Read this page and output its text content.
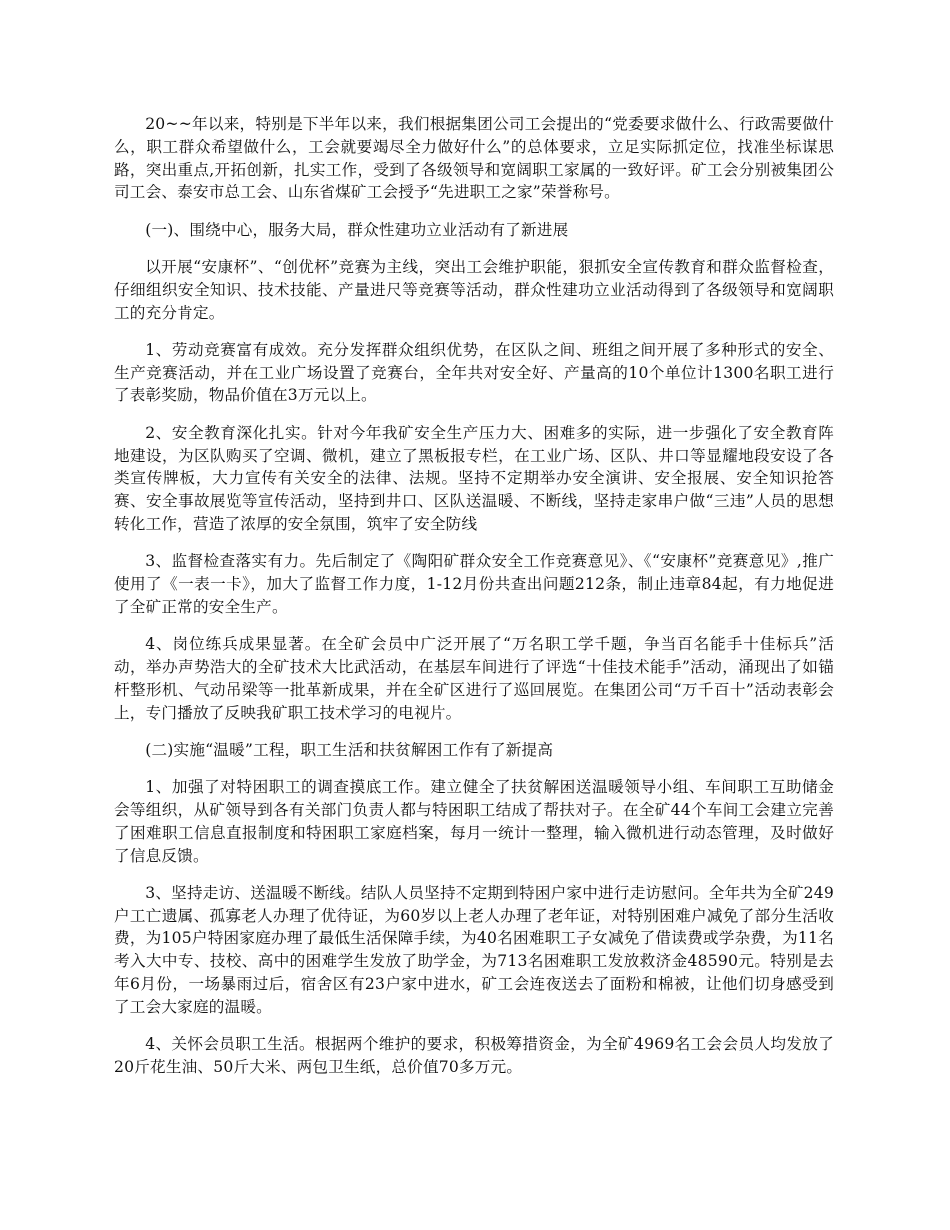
20~~年以来，特别是下半年以来，我们根据集团公司工会提出的“党委要求做什么、行政需要做什么，职工群众希望做什么，工会就要竭尽全力做好什么”的总体要求，立足实际抓定位，找准坐标谋思路，突出重点,开拓创新，扎实工作，受到了各级领导和宽阔职工家属的一致好评。矿工会分别被集团公司工会、泰安市总工会、山东省煤矿工会授予“先进职工之家”荣誉称号。

(一)、围绕中心，服务大局，群众性建功立业活动有了新进展

以开展“安康杯”、“创优杯”竞赛为主线，突出工会维护职能，狠抓安全宣传教育和群众监督检查，仔细组织安全知识、技术技能、产量进尺等竞赛等活动，群众性建功立业活动得到了各级领导和宽阔职工的充分肯定。

1、劳动竞赛富有成效。充分发挥群众组织优势，在区队之间、班组之间开展了多种形式的安全、生产竞赛活动，并在工业广场设置了竞赛台，全年共对安全好、产量高的10个单位计1300名职工进行了表彰奖励，物品价值在3万元以上。

2、安全教育深化扎实。针对今年我矿安全生产压力大、困难多的实际，进一步强化了安全教育阵地建设，为区队购买了空调、微机，建立了黑板报专栏，在工业广场、区队、井口等显耀地段安设了各类宣传牌板，大力宣传有关安全的法律、法规。坚持不定期举办安全演讲、安全报展、安全知识抢答赛、安全事故展览等宣传活动，坚持到井口、区队送温暖、不断线，坚持走家串户做“三违”人员的思想转化工作，营造了浓厚的安全氛围，筑牢了安全防线

3、监督检查落实有力。先后制定了《陶阳矿群众安全工作竞赛意见》、《“安康杯”竞赛意见》,推广使用了《一表一卡》，加大了监督工作力度，1-12月份共查出问题212条，制止违章84起，有力地促进了全矿正常的安全生产。

4、岗位练兵成果显著。在全矿会员中广泛开展了“万名职工学千题，争当百名能手十佳标兵”活动，举办声势浩大的全矿技术大比武活动，在基层车间进行了评选“十佳技术能手”活动，涌现出了如锚杆整形机、气动吊梁等一批革新成果，并在全矿区进行了巡回展览。在集团公司“万千百十”活动表彰会上，专门播放了反映我矿职工技术学习的电视片。

(二)实施“温暖”工程，职工生活和扶贫解困工作有了新提高

1、加强了对特困职工的调查摸底工作。建立健全了扶贫解困送温暖领导小组、车间职工互助储金会等组织，从矿领导到各有关部门负责人都与特困职工结成了帮扶对子。在全矿44个车间工会建立完善了困难职工信息直报制度和特困职工家庭档案，每月一统计一整理，输入微机进行动态管理，及时做好了信息反馈。

3、坚持走访、送温暖不断线。结队人员坚持不定期到特困户家中进行走访慰问。全年共为全矿249户工亡遗属、孤寡老人办理了优待证，为60岁以上老人办理了老年证，对特别困难户减免了部分生活收费，为105户特困家庭办理了最低生活保障手续，为40名困难职工子女减免了借读费或学杂费，为11名考入大中专、技校、高中的困难学生发放了助学金，为713名困难职工发放救济金48590元。特别是去年6月份，一场暴雨过后，宿舍区有23户家中进水，矿工会连夜送去了面粉和棉被，让他们切身感受到了工会大家庭的温暖。

4、关怀会员职工生活。根据两个维护的要求，积极筹措资金，为全矿4969名工会会员人均发放了20斤花生油、50斤大米、两包卫生纸，总价值70多万元。
